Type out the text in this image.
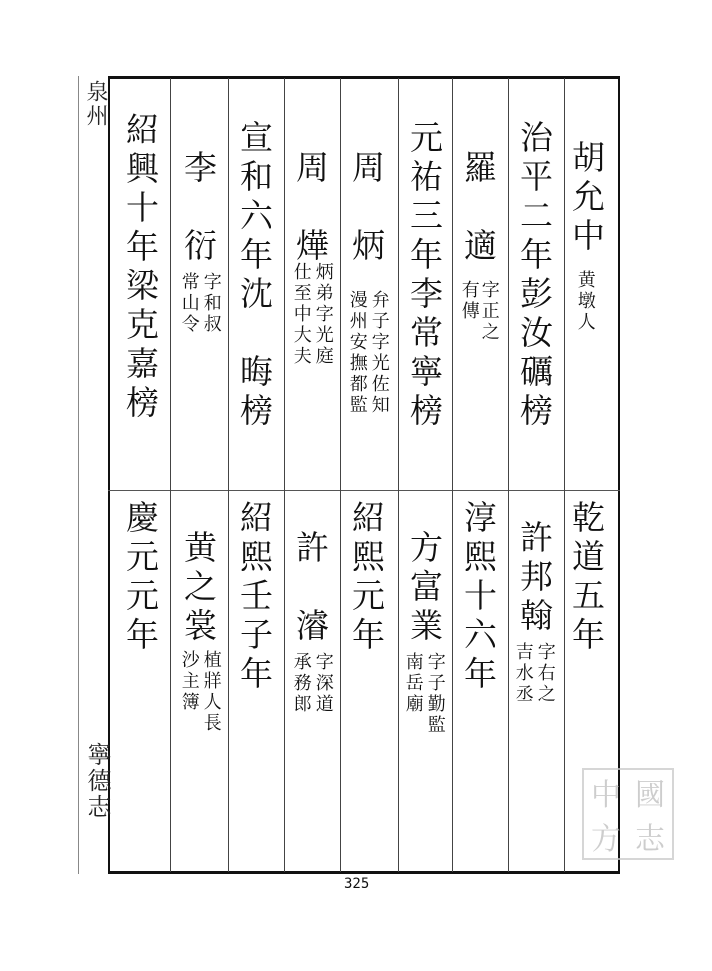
泉州
寧德志
胡允中
黄墩人
治平二年彭汝礪榜
羅　適
字正之
有傳
元祐三年李常寧榜
周　炳
弁子字光佐知
漫州安撫都監
周　燁
炳弟字光庭
仕至中大夫
宣和六年沈　晦榜
李　衍
字和叔
常山令
紹興十年梁克嘉榜
乾道五年
許邦翰
字右之
吉水丞
淳熙十六年
方富業
字子勤監
南岳廟
紹熙元年
許　濬
字深道
承務郎
紹熙壬子年
黄之裳
植牂人長
沙主簿
慶元元年
325
中 國
方 志
